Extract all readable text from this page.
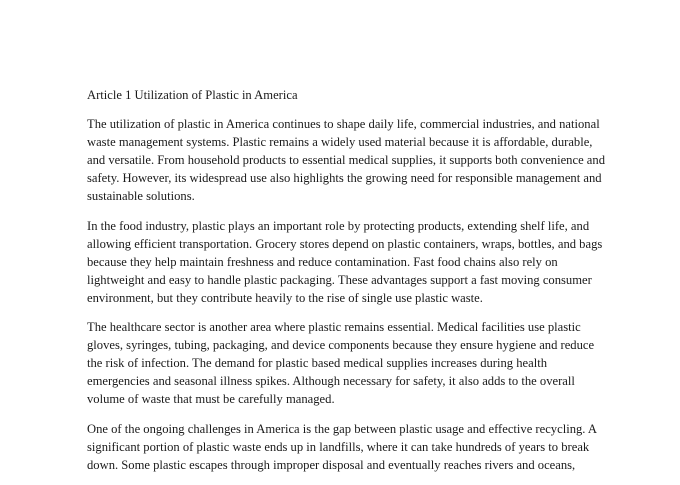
Article 1 Utilization of Plastic in America

The utilization of plastic in America continues to shape daily life, commercial industries, and national
waste management systems. Plastic remains a widely used material because it is affordable, durable,
and versatile. From household products to essential medical supplies, it supports both convenience and
safety. However, its widespread use also highlights the growing need for responsible management and
sustainable solutions.

In the food industry, plastic plays an important role by protecting products, extending shelf life, and
allowing efficient transportation. Grocery stores depend on plastic containers, wraps, bottles, and bags
because they help maintain freshness and reduce contamination. Fast food chains also rely on
lightweight and easy to handle plastic packaging. These advantages support a fast moving consumer
environment, but they contribute heavily to the rise of single use plastic waste.

The healthcare sector is another area where plastic remains essential. Medical facilities use plastic
gloves, syringes, tubing, packaging, and device components because they ensure hygiene and reduce
the risk of infection. The demand for plastic based medical supplies increases during health
emergencies and seasonal illness spikes. Although necessary for safety, it also adds to the overall
volume of waste that must be carefully managed.

One of the ongoing challenges in America is the gap between plastic usage and effective recycling. A
significant portion of plastic waste ends up in landfills, where it can take hundreds of years to break
down. Some plastic escapes through improper disposal and eventually reaches rivers and oceans,
